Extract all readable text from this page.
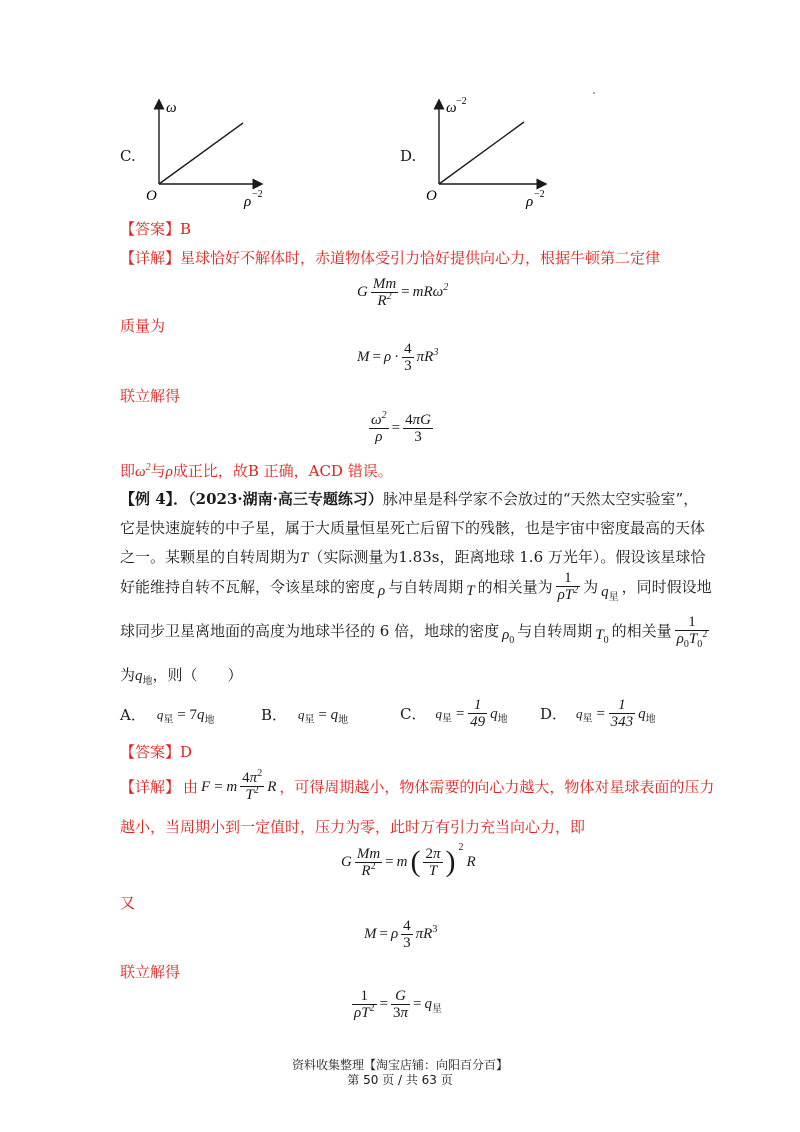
C.
ω
O	ρ −2
D.
ω −2
O	ρ −2
【答案】B
【详解】星球恰好不解体时，赤道物体受引力恰好提供向心力，根据牛顿第二定律
G $\frac{Mm}{R^2} = mR\omega^2$
质量为
$M = \rho \cdot \frac{4}{3} \pi R^3$
联立解得
$\frac{\omega^2}{\rho} = \frac{4\pi G}{3}$
即$\omega^2$与ρ成正比，故B 正确，ACD 错误。
【例 4】．（2023·湖南·高三专题练习）脉冲星是科学家不会放过的“天然太空实验室”，
它是快速旋转的中子星，属于大质量恒星死亡后留下的残骸，也是宇宙中密度最高的天体
之一。某颗星的自转周期为T（实际测量为1.83s，距离地球 1.6 万光年）。假设该星球恰
好能维持自转不瓦解，令该星球的密度 ρ 与自转周期 T 的相关量为 $\frac{1}{\rho T^2}$ 为 $q_星$
，同时假设地
球同步卫星离地面的高度为地球半径的 6 倍，地球的密度 $\rho_0$
与自转周期 $T_0$
的相关量 $\frac{1}{\rho_0T_0^2}$
为$q_地$，则（　　）
A． $q_星 = 7q_地$	B． $q_星 = q_地$	C． $q_星 = \frac{1}{49} q_地$ D． $q_星 = \frac{1}{343} q_地$
【答案】D
【详解】 由 F = m $\frac{4\pi^2}{T^2}$ R ，可得周期越小，物体需要的向心力越大，物体对星球表面的压力
越小，当周期小到一定值时，压力为零，此时万有引力充当向心力，即
G $\frac{Mm}{R^2} = m$ ( $\frac{2\pi}{T}$ ) $^2$
R
又
M = ρ $\frac{4}{3} \pi R^3$
联立解得
$\frac{1}{\rho T^2} = \frac{G}{3\pi} = q_星$
资料收集整理【淘宝店铺：向阳百分百】
第 50 页 / 共 63 页
